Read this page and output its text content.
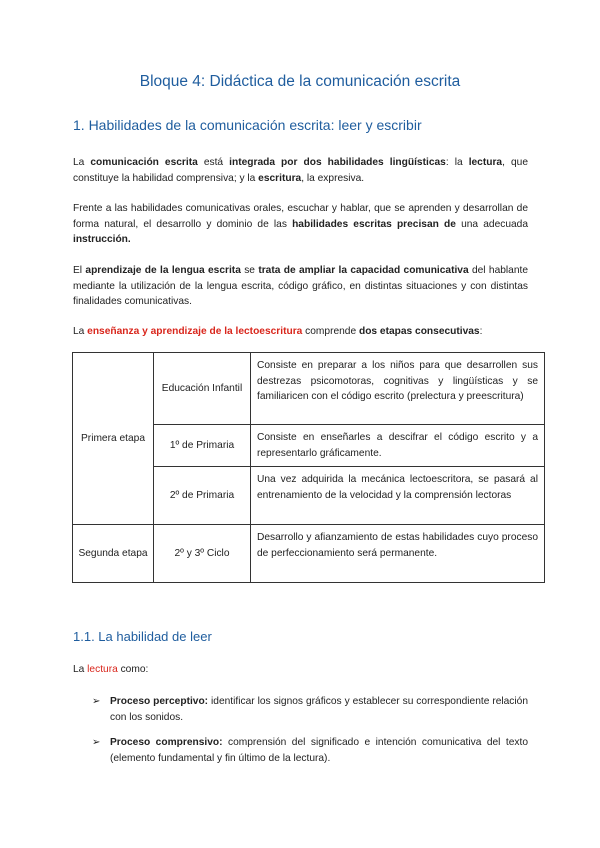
Bloque 4: Didáctica de la comunicación escrita
1. Habilidades de la comunicación escrita: leer y escribir
La comunicación escrita está integrada por dos habilidades lingüísticas: la lectura, que constituye la habilidad comprensiva; y la escritura, la expresiva.
Frente a las habilidades comunicativas orales, escuchar y hablar, que se aprenden y desarrollan de forma natural, el desarrollo y dominio de las habilidades escritas precisan de una adecuada instrucción.
El aprendizaje de la lengua escrita se trata de ampliar la capacidad comunicativa del hablante mediante la utilización de la lengua escrita, código gráfico, en distintas situaciones y con distintas finalidades comunicativas.
La enseñanza y aprendizaje de la lectoescritura comprende dos etapas consecutivas:
Primera etapa	Educación Infantil	Consiste en preparar a los niños para que desarrollen sus destrezas psicomotoras, cognitivas y lingüísticas y se familiaricen con el código escrito (prelectura y preescritura)
	1º de Primaria	Consiste en enseñarles a descifrar el código escrito y a representarlo gráficamente.
	2º de Primaria	Una vez adquirida la mecánica lectoescritora, se pasará al entrenamiento de la velocidad y la comprensión lectoras
Segunda etapa	2º y 3º Ciclo	Desarrollo y afianzamiento de estas habilidades cuyo proceso de perfeccionamiento será permanente.
1.1. La habilidad de leer
La lectura como:
➢ Proceso perceptivo: identificar los signos gráficos y establecer su correspondiente relación con los sonidos.
➢ Proceso comprensivo: comprensión del significado e intención comunicativa del texto (elemento fundamental y fin último de la lectura).
